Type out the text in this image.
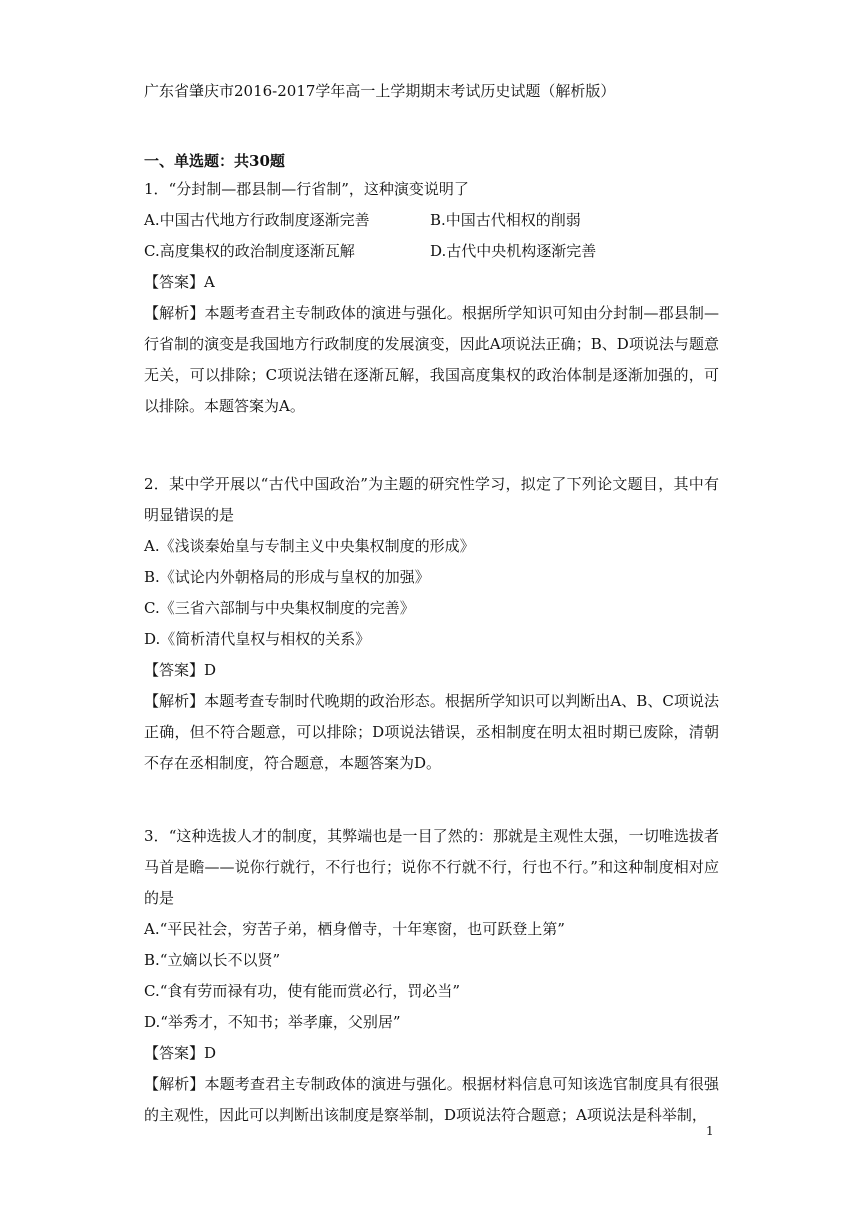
广东省肇庆市2016-2017学年高一上学期期末考试历史试题（解析版）
一、单选题：共30题
1．“分封制—郡县制—行省制”，这种演变说明了
A.中国古代地方行政制度逐渐完善	B.中国古代相权的削弱
C.高度集权的政治制度逐渐瓦解	D.古代中央机构逐渐完善
【答案】A
【解析】本题考查君主专制政体的演进与强化。根据所学知识可知由分封制—郡县制—行省制的演变是我国地方行政制度的发展演变，因此A项说法正确；B、D项说法与题意无关，可以排除；C项说法错在逐渐瓦解，我国高度集权的政治体制是逐渐加强的，可以排除。本题答案为A。
2．某中学开展以“古代中国政治”为主题的研究性学习，拟定了下列论文题目，其中有明显错误的是
A.《浅谈秦始皇与专制主义中央集权制度的形成》
B.《试论内外朝格局的形成与皇权的加强》
C.《三省六部制与中央集权制度的完善》
D.《简析清代皇权与相权的关系》
【答案】D
【解析】本题考查专制时代晚期的政治形态。根据所学知识可以判断出A、B、C项说法正确，但不符合题意，可以排除；D项说法错误，丞相制度在明太祖时期已废除，清朝不存在丞相制度，符合题意，本题答案为D。
3．“这种选拔人才的制度，其弊端也是一目了然的：那就是主观性太强，一切唯选拔者马首是瞻——说你行就行，不行也行；说你不行就不行，行也不行。”和这种制度相对应的是
A.“平民社会，穷苦子弟，栖身僧寺，十年寒窗，也可跃登上第”
B.“立嫡以长不以贤”
C.“食有劳而禄有功，使有能而赏必行，罚必当”
D.“举秀才，不知书；举孝廉，父别居”
【答案】D
【解析】本题考查君主专制政体的演进与强化。根据材料信息可知该选官制度具有很强的主观性，因此可以判断出该制度是察举制，D项说法符合题意；A项说法是科举制，
1
